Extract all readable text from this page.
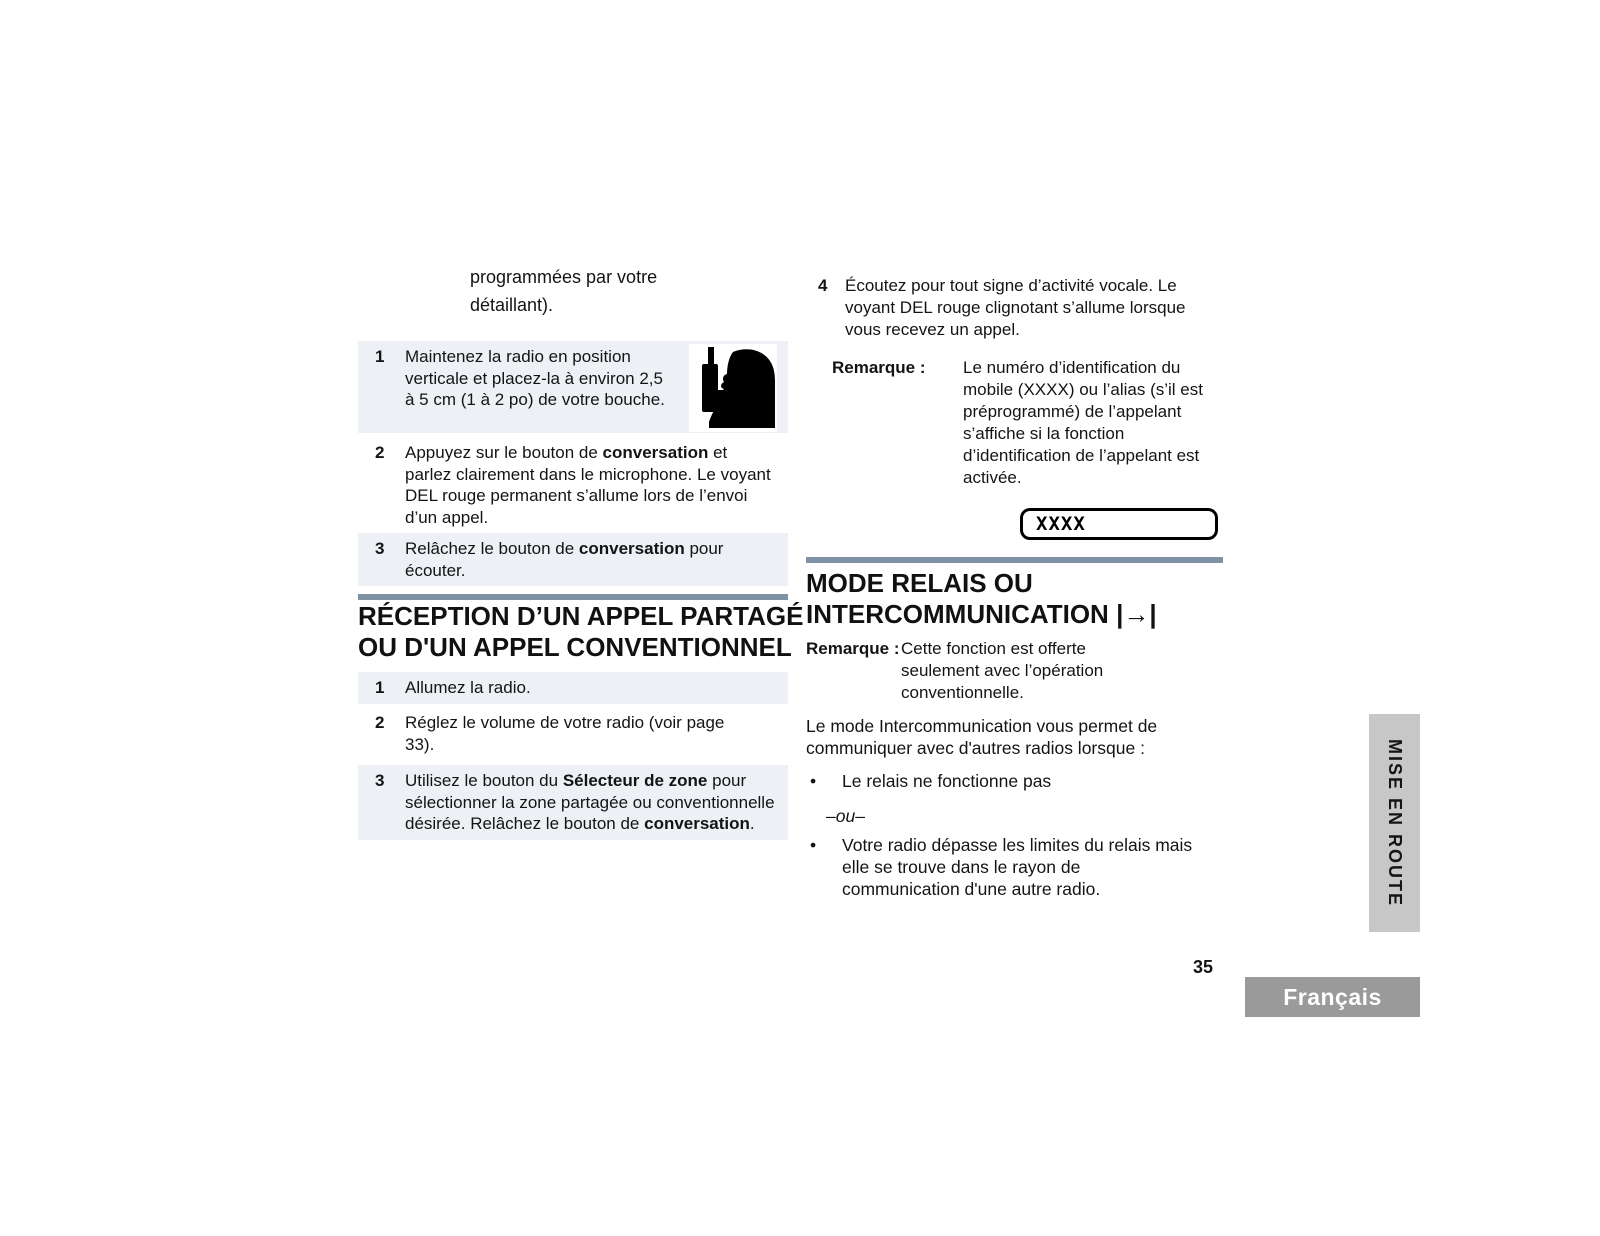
programmées par votre
détaillant).
1	Maintenez la radio en position verticale et placez-la à environ 2,5 à 5 cm (1 à 2 po) de votre bouche.
2	Appuyez sur le bouton de conversation et parlez clairement dans le microphone. Le voyant DEL rouge permanent s’allume lors de l’envoi d’un appel.
3	Relâchez le bouton de conversation pour écouter.
RÉCEPTION D’UN APPEL PARTAGÉ
OU D'UN APPEL CONVENTIONNEL
1	Allumez la radio.
2	Réglez le volume de votre radio (voir page 33).
3	Utilisez le bouton du Sélecteur de zone pour sélectionner la zone partagée ou conventionnelle désirée. Relâchez le bouton de conversation.
4	Écoutez pour tout signe d’activité vocale. Le voyant DEL rouge clignotant s’allume lorsque vous recevez un appel.
Remarque :	Le numéro d’identification du mobile (XXXX) ou l’alias (s’il est préprogrammé) de l’appelant s’affiche si la fonction d’identification de l’appelant est activée.
XXXX
MODE RELAIS OU
INTERCOMMUNICATION |→|
Remarque : Cette fonction est offerte seulement avec l’opération conventionnelle.
Le mode Intercommunication vous permet de communiquer avec d'autres radios lorsque :
•	Le relais ne fonctionne pas
–ou–
•	Votre radio dépasse les limites du relais mais elle se trouve dans le rayon de communication d'une autre radio.
35
MISE EN ROUTE
Français
